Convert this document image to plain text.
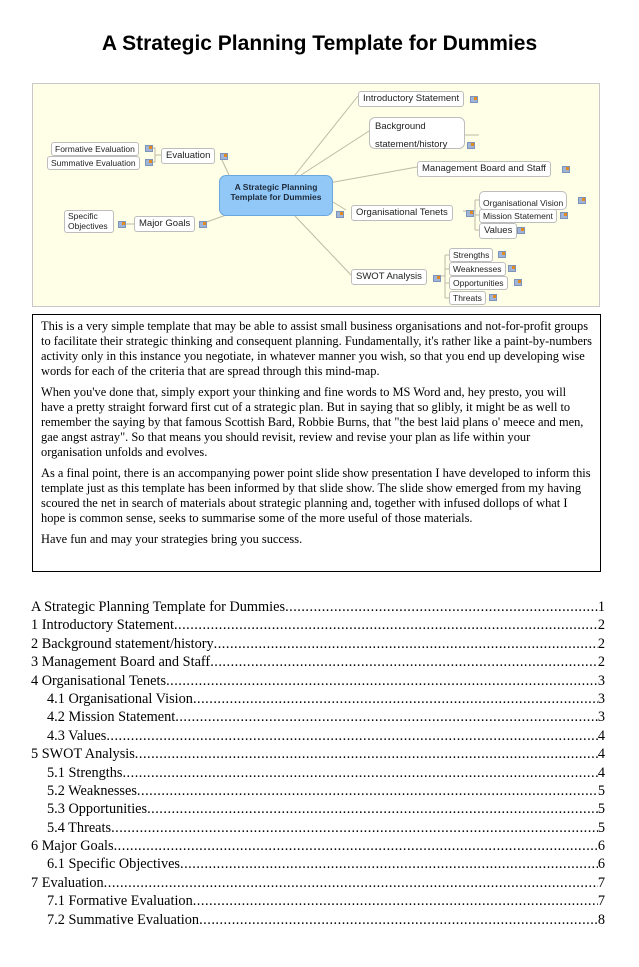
A Strategic Planning Template for Dummies
A Strategic Planning Template for Dummies
Evaluation
Formative Evaluation
Summative Evaluation
Major Goals
Specific Objectives
Introductory Statement
Background
statement/history
Management Board and Staff
Organisational Tenets
Organisational Vision
Mission Statement
Values
SWOT Analysis
Strengths
Weaknesses
Opportunities
Threats

This is a very simple template that may be able to assist small business organisations and not-for-profit groups to facilitate their strategic thinking and consequent planning. Fundamentally, it's rather like a paint-by-numbers activity only in this instance you negotiate, in whatever manner you wish, so that you end up developing wise words for each of the criteria that are spread through this mind-map.

When you've done that, simply export your thinking and fine words to MS Word and, hey presto, you will have a pretty straight forward first cut of a strategic plan. But in saying that so glibly, it might be as well to remember the saying by that famous Scottish Bard, Robbie Burns, that "the best laid plans o' meece and men, gae angst astray". So that means you should revisit, review and revise your plan as life within your organisation unfolds and evolves.

As a final point, there is an accompanying power point slide show presentation I have developed to inform this template just as this template has been informed by that slide show. The slide show emerged from my having scoured the net in search of materials about strategic planning and, together with infused dollops of what I hope is common sense, seeks to summarise some of the more useful of those materials.

Have fun and may your strategies bring you success.

A Strategic Planning Template for Dummies .....	1
1 Introductory Statement .....	2
2 Background statement/history .....	2
3 Management Board and Staff .....	2
4 Organisational Tenets .....	3
4.1 Organisational Vision .....	3
4.2 Mission Statement .....	3
4.3 Values .....	4
5 SWOT Analysis .....	4
5.1 Strengths .....	4
5.2 Weaknesses .....	5
5.3 Opportunities .....	5
5.4 Threats .....	5
6 Major Goals .....	6
6.1 Specific Objectives .....	6
7 Evaluation .....	7
7.1 Formative Evaluation .....	7
7.2 Summative Evaluation .....	8
